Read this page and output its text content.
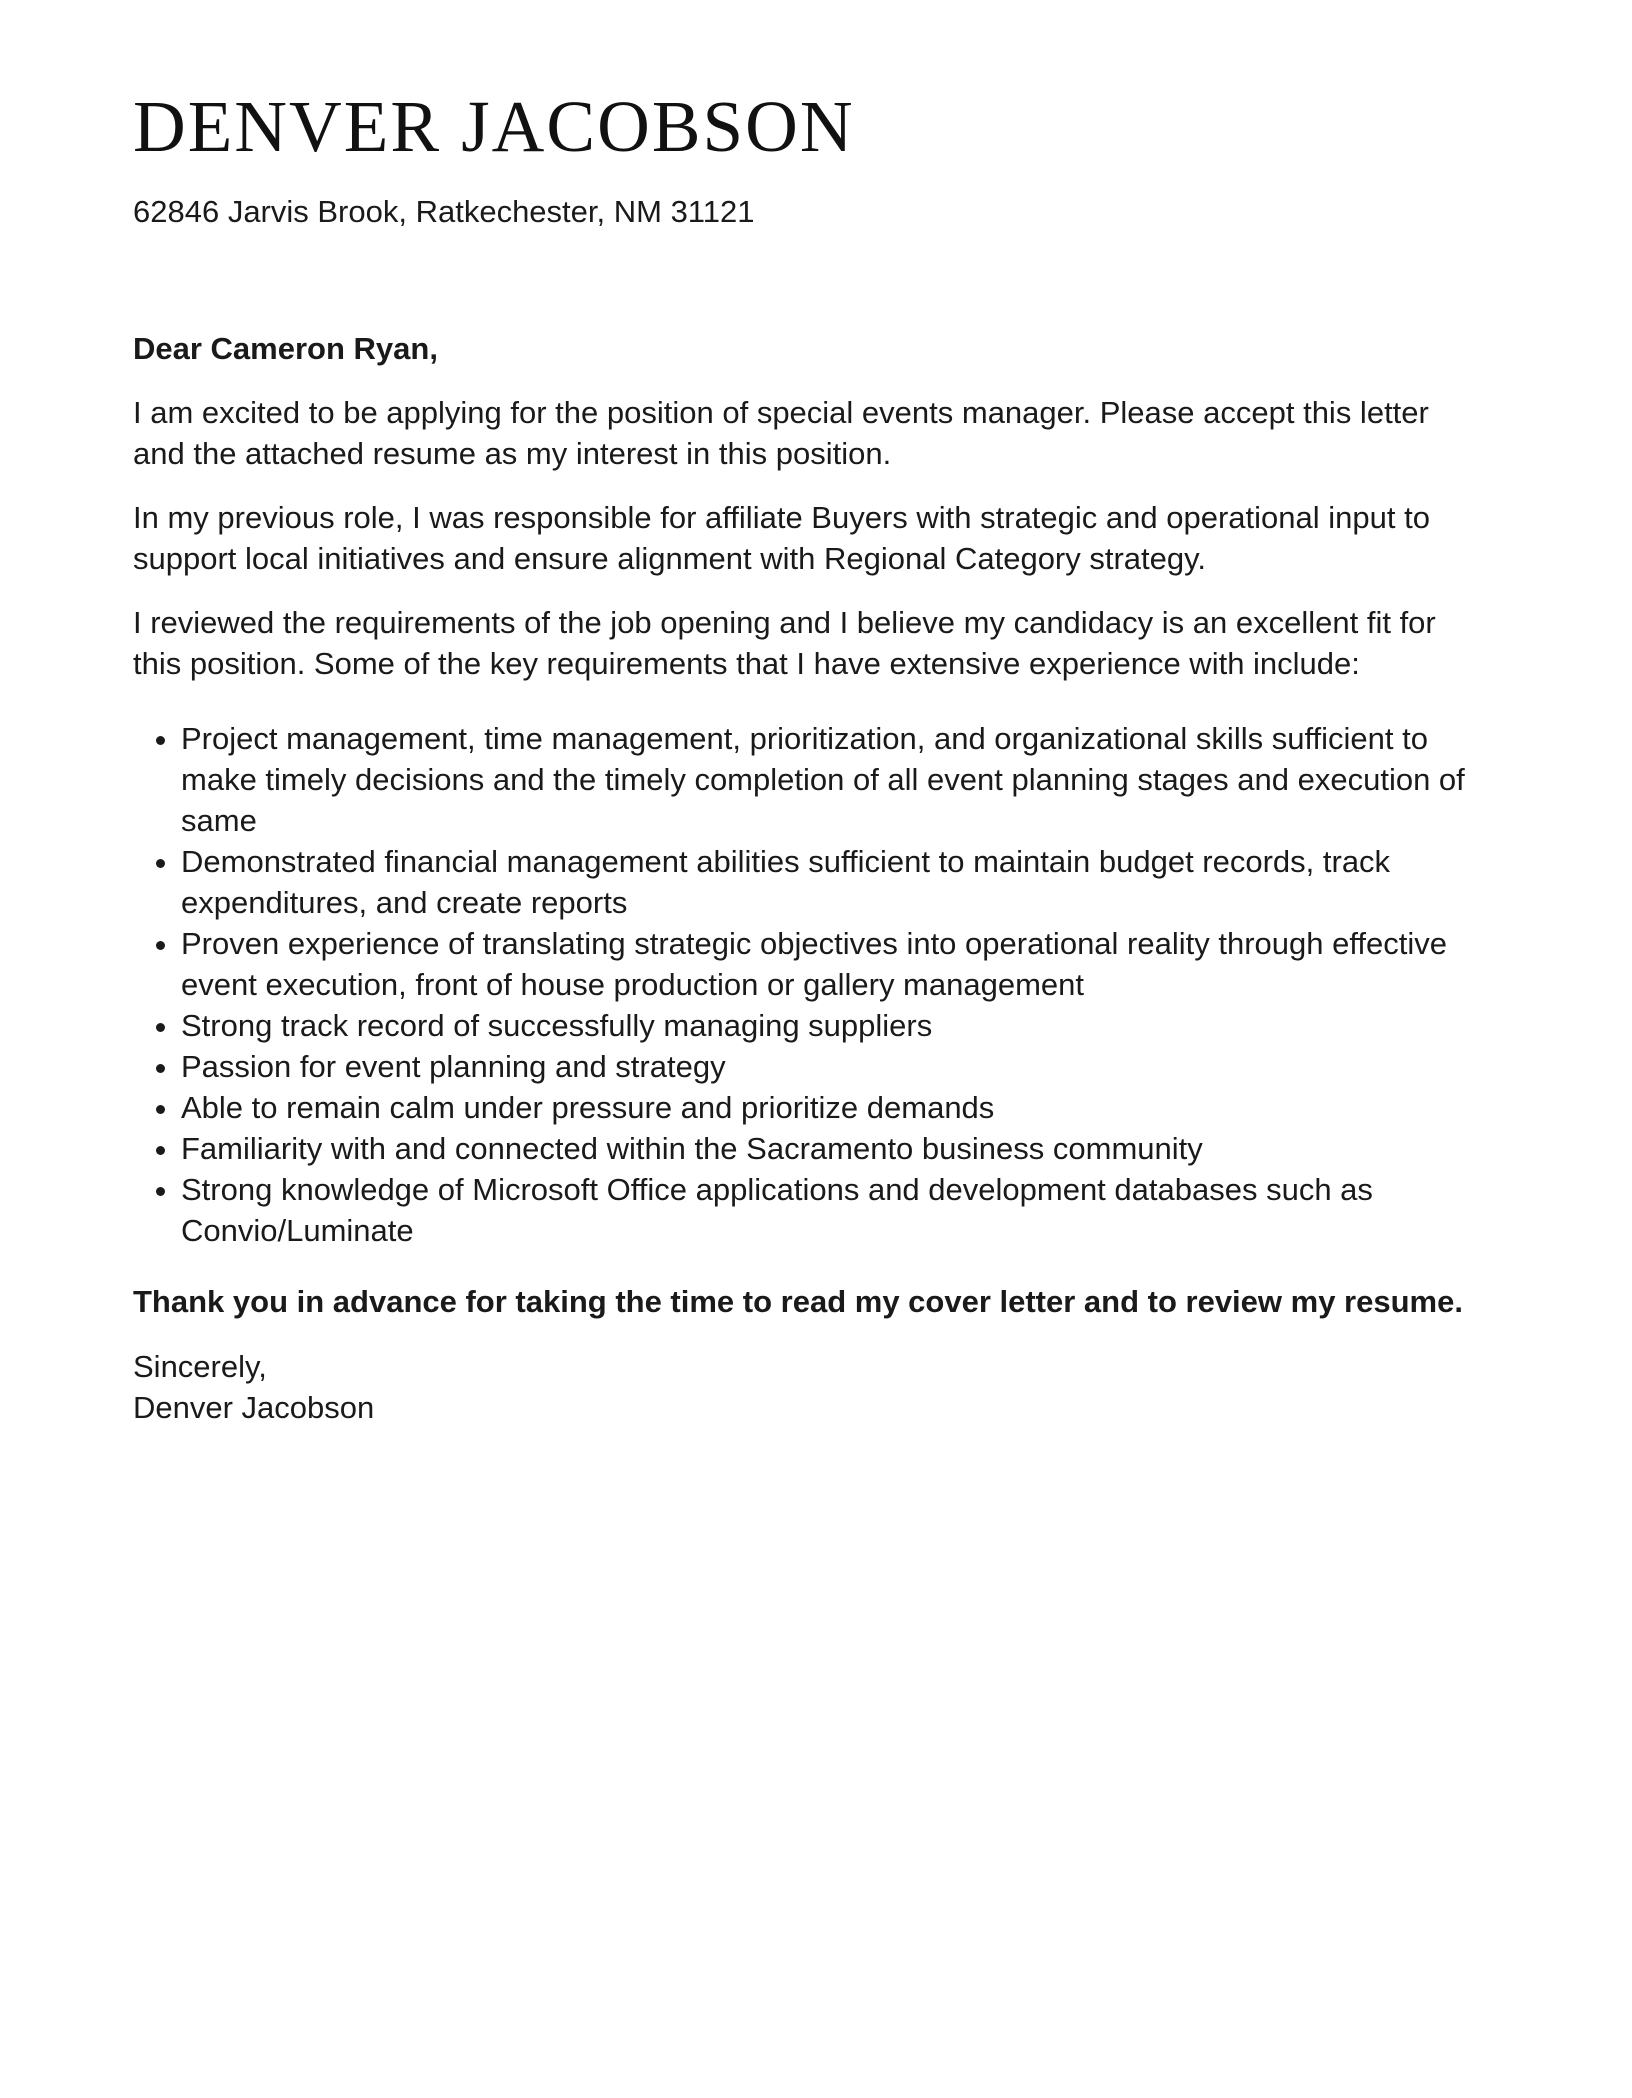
DENVER JACOBSON
62846 Jarvis Brook, Ratkechester, NM 31121

Dear Cameron Ryan,

I am excited to be applying for the position of special events manager. Please accept this letter and the attached resume as my interest in this position.

In my previous role, I was responsible for affiliate Buyers with strategic and operational input to support local initiatives and ensure alignment with Regional Category strategy.

I reviewed the requirements of the job opening and I believe my candidacy is an excellent fit for this position. Some of the key requirements that I have extensive experience with include:

• Project management, time management, prioritization, and organizational skills sufficient to make timely decisions and the timely completion of all event planning stages and execution of same
• Demonstrated financial management abilities sufficient to maintain budget records, track expenditures, and create reports
• Proven experience of translating strategic objectives into operational reality through effective event execution, front of house production or gallery management
• Strong track record of successfully managing suppliers
• Passion for event planning and strategy
• Able to remain calm under pressure and prioritize demands
• Familiarity with and connected within the Sacramento business community
• Strong knowledge of Microsoft Office applications and development databases such as Convio/Luminate

Thank you in advance for taking the time to read my cover letter and to review my resume.

Sincerely,
Denver Jacobson
